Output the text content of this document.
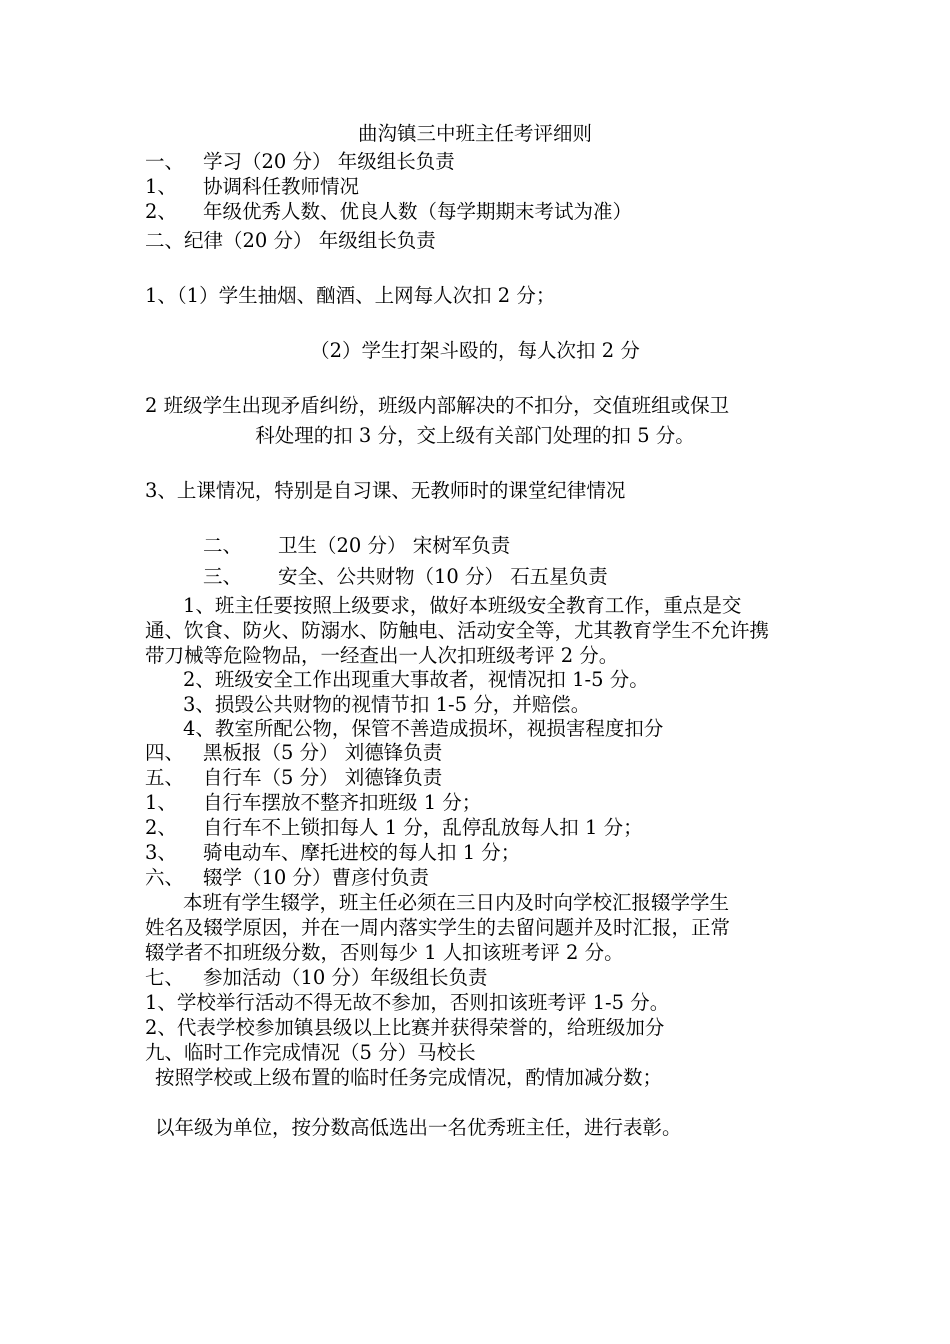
曲沟镇三中班主任考评细则
一、 学习（20 分） 年级组长负责
1、 协调科任教师情况
2、 年级优秀人数、优良人数（每学期期末考试为准）
二、纪律（20 分） 年级组长负责
1、（1）学生抽烟、酗酒、上网每人次扣 2 分；
（2）学生打架斗殴的，每人次扣 2 分
2 班级学生出现矛盾纠纷，班级内部解决的不扣分，交值班组或保卫
科处理的扣 3 分，交上级有关部门处理的扣 5 分。
3、上课情况，特别是自习课、无教师时的课堂纪律情况
二、 卫生（20 分） 宋树军负责
三、 安全、公共财物（10 分） 石五星负责
1、班主任要按照上级要求，做好本班级安全教育工作，重点是交
通、饮食、防火、防溺水、防触电、活动安全等，尤其教育学生不允许携
带刀械等危险物品，一经查出一人次扣班级考评 2 分。
2、班级安全工作出现重大事故者，视情况扣 1-5 分。
3、损毁公共财物的视情节扣 1-5 分，并赔偿。
4、教室所配公物，保管不善造成损坏，视损害程度扣分
四、 黑板报（5 分） 刘德锋负责
五、 自行车（5 分） 刘德锋负责
1、 自行车摆放不整齐扣班级 1 分；
2、 自行车不上锁扣每人 1 分，乱停乱放每人扣 1 分；
3、 骑电动车、摩托进校的每人扣 1 分；
六、 辍学（10 分）曹彦付负责
本班有学生辍学，班主任必须在三日内及时向学校汇报辍学学生
姓名及辍学原因，并在一周内落实学生的去留问题并及时汇报，正常
辍学者不扣班级分数，否则每少 1 人扣该班考评 2 分。
七、 参加活动（10 分）年级组长负责
1、学校举行活动不得无故不参加，否则扣该班考评 1-5 分。
2、代表学校参加镇县级以上比赛并获得荣誉的，给班级加分
九、临时工作完成情况（5 分）马校长
按照学校或上级布置的临时任务完成情况，酌情加减分数；
以年级为单位，按分数高低选出一名优秀班主任，进行表彰。
